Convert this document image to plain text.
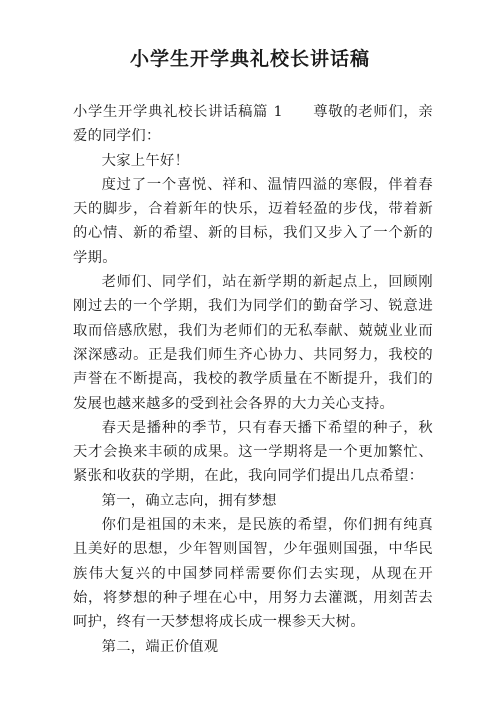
小学生开学典礼校长讲话稿

小学生开学典礼校长讲话稿篇 1　　尊敬的老师们，亲爱的同学们：

大家上午好！

度过了一个喜悦、祥和、温情四溢的寒假，伴着春天的脚步，合着新年的快乐，迈着轻盈的步伐，带着新的心情、新的希望、新的目标，我们又步入了一个新的学期。

老师们、同学们，站在新学期的新起点上，回顾刚刚过去的一个学期，我们为同学们的勤奋学习、锐意进取而倍感欣慰，我们为老师们的无私奉献、兢兢业业而深深感动。正是我们师生齐心协力、共同努力，我校的声誉在不断提高，我校的教学质量在不断提升，我们的发展也越来越多的受到社会各界的大力关心支持。

春天是播种的季节，只有春天播下希望的种子，秋天才会换来丰硕的成果。这一学期将是一个更加繁忙、紧张和收获的学期，在此，我向同学们提出几点希望：

第一，确立志向，拥有梦想

你们是祖国的未来，是民族的希望，你们拥有纯真且美好的思想，少年智则国智，少年强则国强，中华民族伟大复兴的中国梦同样需要你们去实现，从现在开始，将梦想的种子埋在心中，用努力去灌溉，用刻苦去呵护，终有一天梦想将成长成一棵参天大树。

第二，端正价值观
